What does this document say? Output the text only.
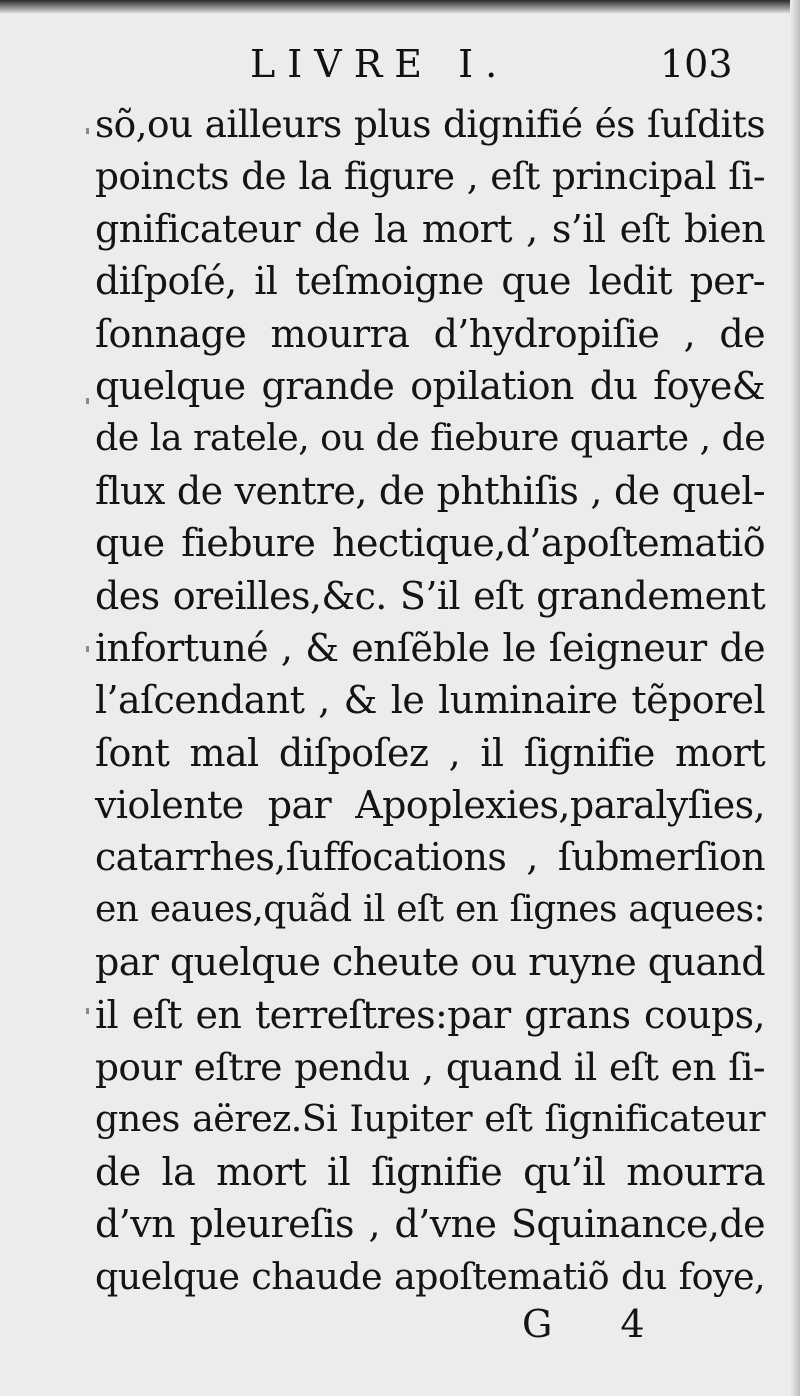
LIVRE I.	103
sõ,ou ailleurs plus dignifié és ſuſdits
poincts de la figure , eſt principal ſi-
gnificateur de la mort , s’il eſt bien
diſpoſé, il teſmoigne que ledit per-
ſonnage mourra d’hydropiſie , de
quelque grande opilation du foye&
de la ratele, ou de fiebure quarte , de
flux de ventre, de phthiſis , de quel-
que fiebure hectique,d’apoſtematiõ
des oreilles,&c. S’il eſt grandement
infortuné , & enſẽble le ſeigneur de
l’aſcendant , & le luminaire tẽporel
ſont mal diſpoſez , il ſignifie mort
violente par Apoplexies,paralyſies,
catarrhes,ſuffocations , ſubmerſion
en eaues,quãd il eſt en ſignes aquees:
par quelque cheute ou ruyne quand
il eſt en terreſtres:par grans coups,
pour eſtre pendu , quand il eſt en ſi-
gnes aërez.Si Iupiter eſt ſignificateur
de la mort il ſignifie qu’il mourra
d’vn pleureſis , d’vne Squinance,de
quelque chaude apoſtematiõ du foye,
G 4
